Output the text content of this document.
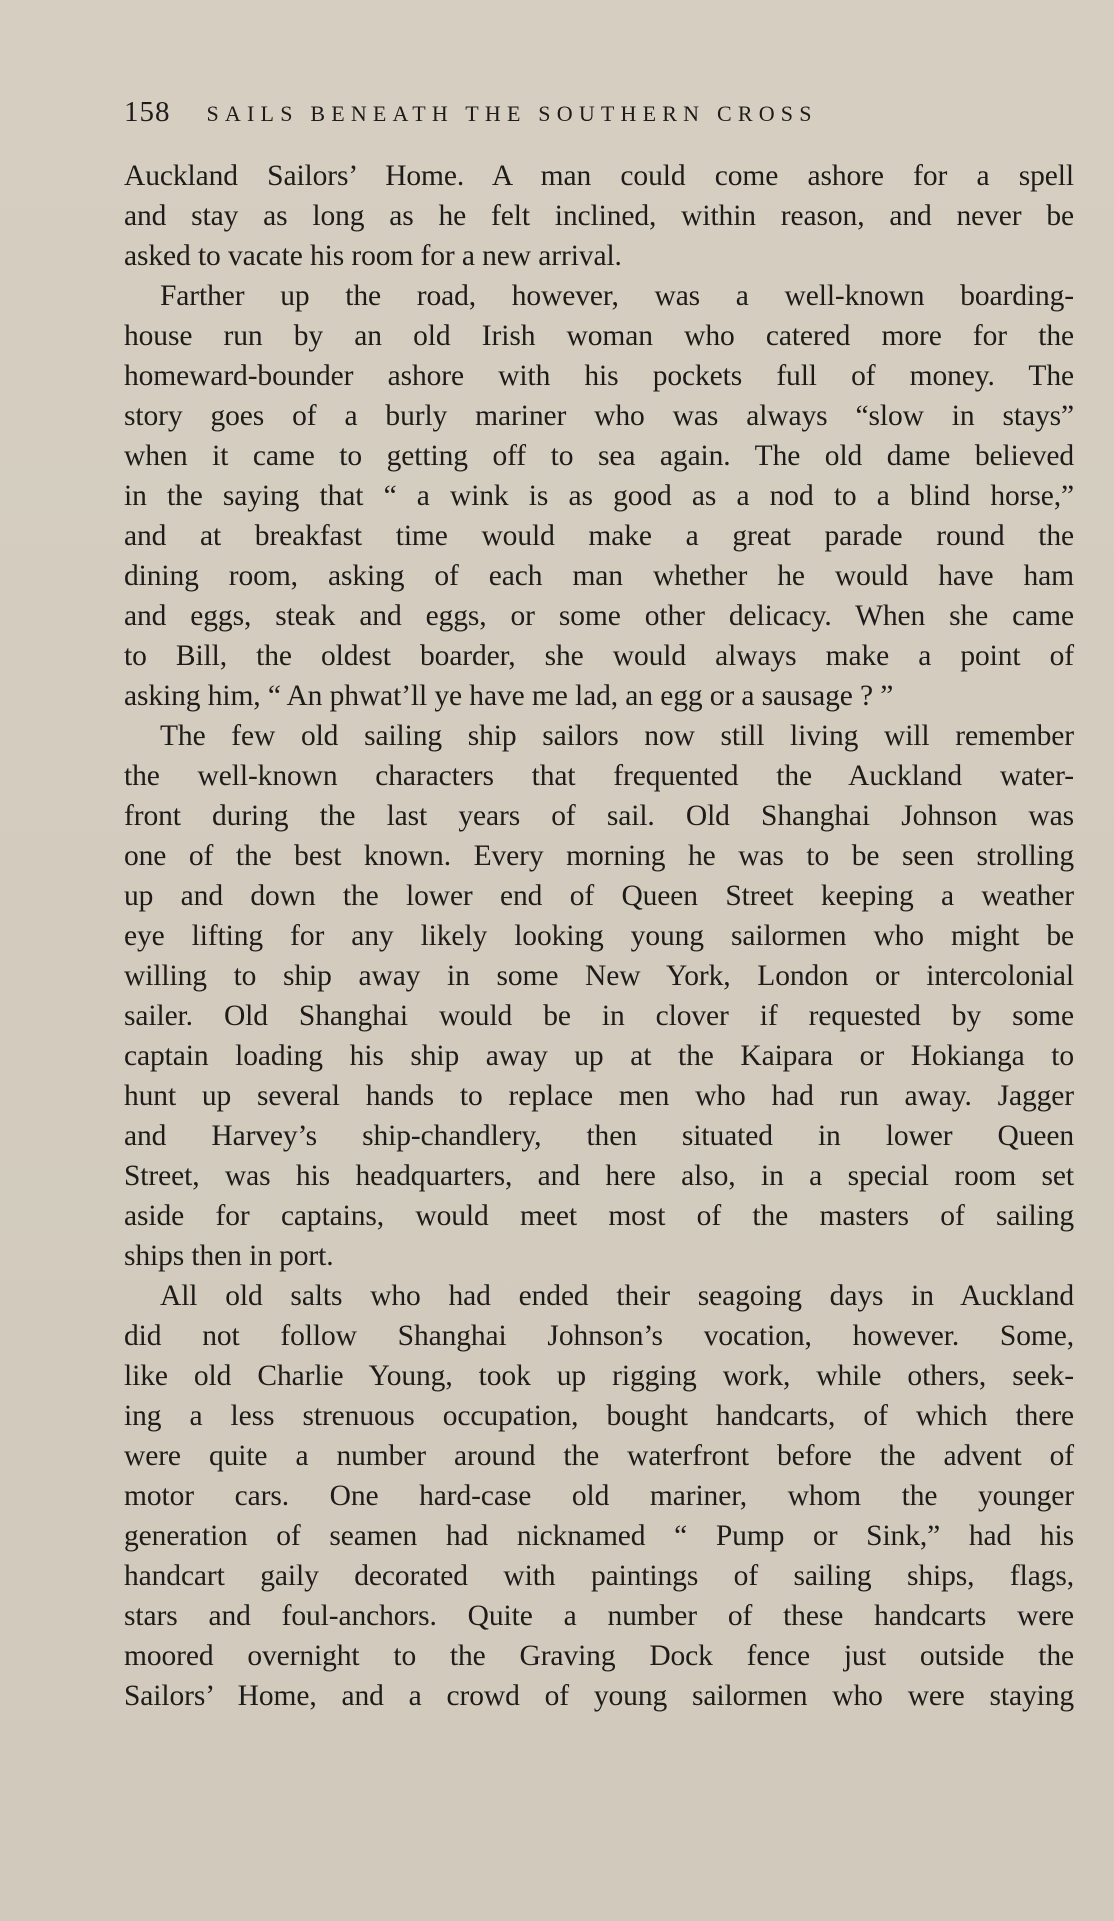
158 SAILS BENEATH THE SOUTHERN CROSS
Auckland Sailors’ Home. A man could come ashore for a spell
and stay as long as he felt inclined, within reason, and never be
asked to vacate his room for a new arrival.
Farther up the road, however, was a well-known boarding-
house run by an old Irish woman who catered more for the
homeward-bounder ashore with his pockets full of money. The
story goes of a burly mariner who was always “slow in stays”
when it came to getting off to sea again. The old dame believed
in the saying that “ a wink is as good as a nod to a blind horse,”
and at breakfast time would make a great parade round the
dining room, asking of each man whether he would have ham
and eggs, steak and eggs, or some other delicacy. When she came
to Bill, the oldest boarder, she would always make a point of
asking him, “ An phwat’ll ye have me lad, an egg or a sausage ? ”
The few old sailing ship sailors now still living will remember
the well-known characters that frequented the Auckland water-
front during the last years of sail. Old Shanghai Johnson was
one of the best known. Every morning he was to be seen strolling
up and down the lower end of Queen Street keeping a weather
eye lifting for any likely looking young sailormen who might be
willing to ship away in some New York, London or intercolonial
sailer. Old Shanghai would be in clover if requested by some
captain loading his ship away up at the Kaipara or Hokianga to
hunt up several hands to replace men who had run away. Jagger
and Harvey’s ship-chandlery, then situated in lower Queen
Street, was his headquarters, and here also, in a special room set
aside for captains, would meet most of the masters of sailing
ships then in port.
All old salts who had ended their seagoing days in Auckland
did not follow Shanghai Johnson’s vocation, however. Some,
like old Charlie Young, took up rigging work, while others, seek-
ing a less strenuous occupation, bought handcarts, of which there
were quite a number around the waterfront before the advent of
motor cars. One hard-case old mariner, whom the younger
generation of seamen had nicknamed “ Pump or Sink,” had his
handcart gaily decorated with paintings of sailing ships, flags,
stars and foul-anchors. Quite a number of these handcarts were
moored overnight to the Graving Dock fence just outside the
Sailors’ Home, and a crowd of young sailormen who were staying
